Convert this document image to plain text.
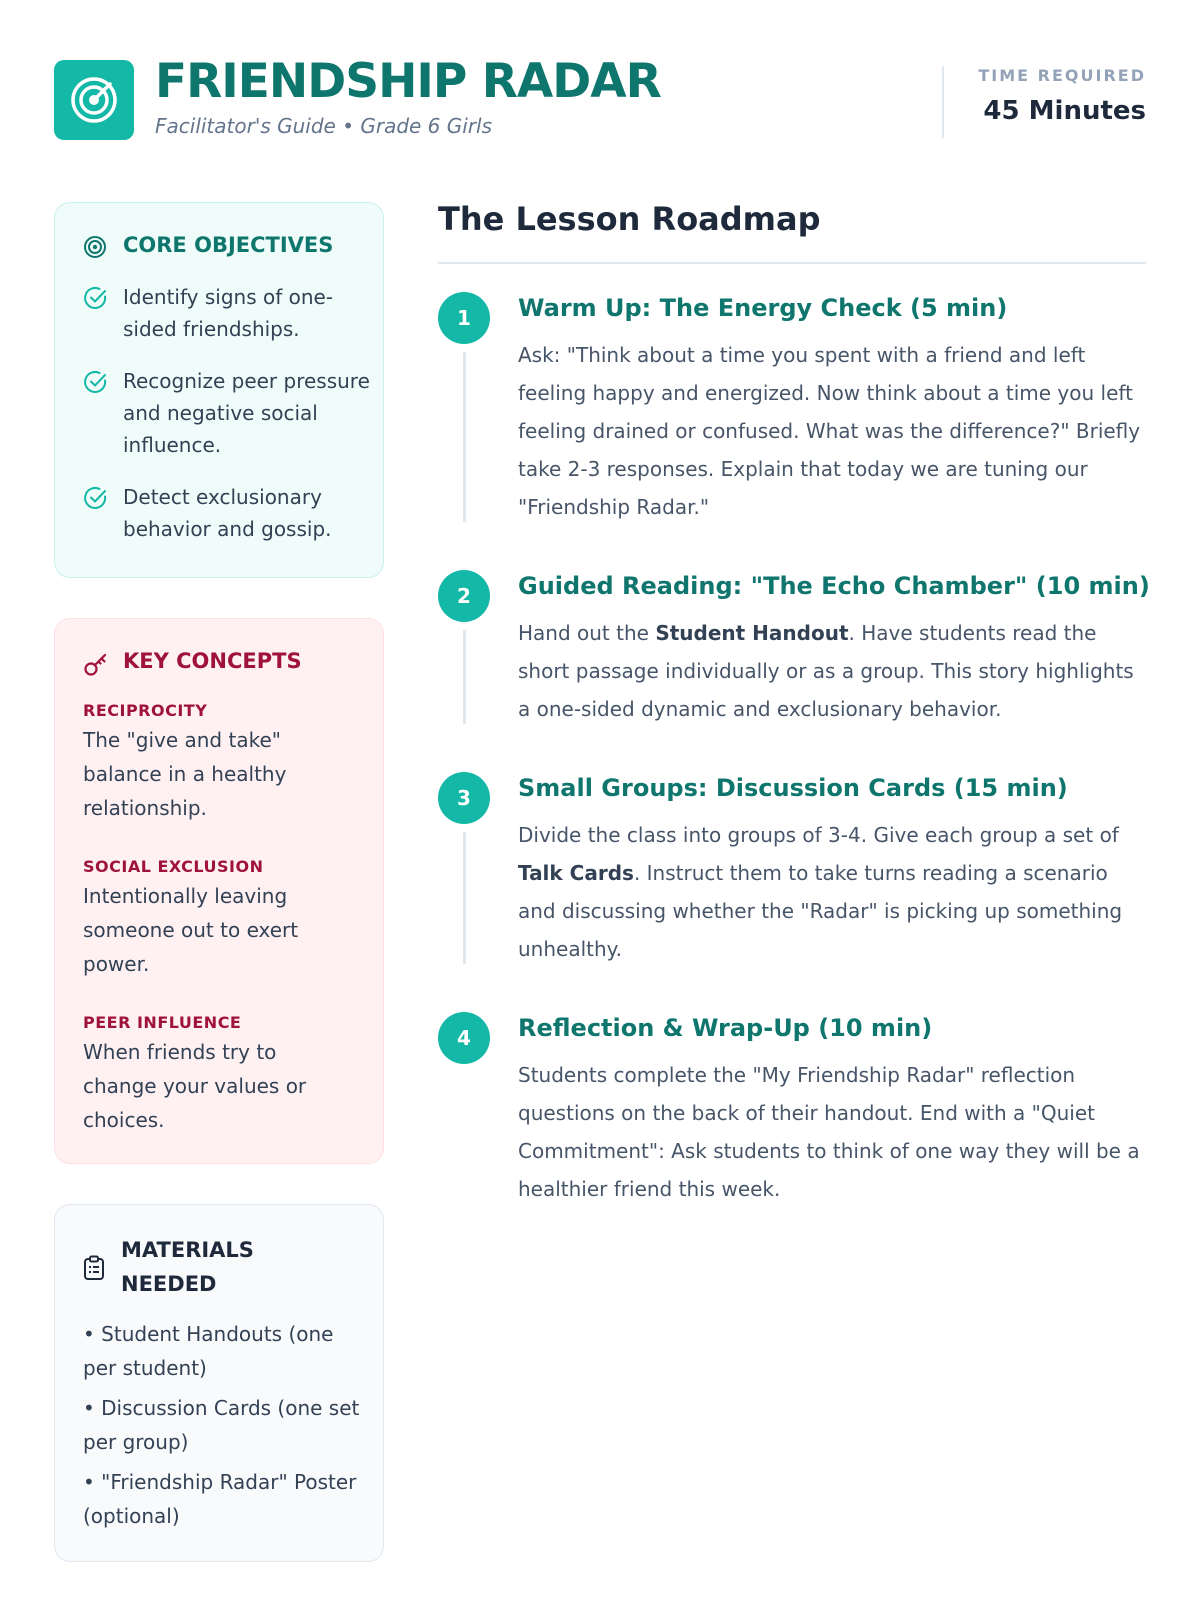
FRIENDSHIP RADAR
Facilitator's Guide • Grade 6 Girls
TIME REQUIRED
45 Minutes
CORE OBJECTIVES
Identify signs of one-sided friendships.
Recognize peer pressure and negative social influence.
Detect exclusionary behavior and gossip.
KEY CONCEPTS
RECIPROCITY
The "give and take" balance in a healthy relationship.
SOCIAL EXCLUSION
Intentionally leaving someone out to exert power.
PEER INFLUENCE
When friends try to change your values or choices.
MATERIALS NEEDED
• Student Handouts (one per student)
• Discussion Cards (one set per group)
• "Friendship Radar" Poster (optional)
The Lesson Roadmap
1	Warm Up: The Energy Check (5 min)
Ask: "Think about a time you spent with a friend and left feeling happy and energized. Now think about a time you left feeling drained or confused. What was the difference?" Briefly take 2-3 responses. Explain that today we are tuning our "Friendship Radar."
2	Guided Reading: "The Echo Chamber" (10 min)
Hand out the Student Handout. Have students read the short passage individually or as a group. This story highlights a one-sided dynamic and exclusionary behavior.
3	Small Groups: Discussion Cards (15 min)
Divide the class into groups of 3-4. Give each group a set of Talk Cards. Instruct them to take turns reading a scenario and discussing whether the "Radar" is picking up something unhealthy.
4	Reflection & Wrap-Up (10 min)
Students complete the "My Friendship Radar" reflection questions on the back of their handout. End with a "Quiet Commitment": Ask students to think of one way they will be a healthier friend this week.
